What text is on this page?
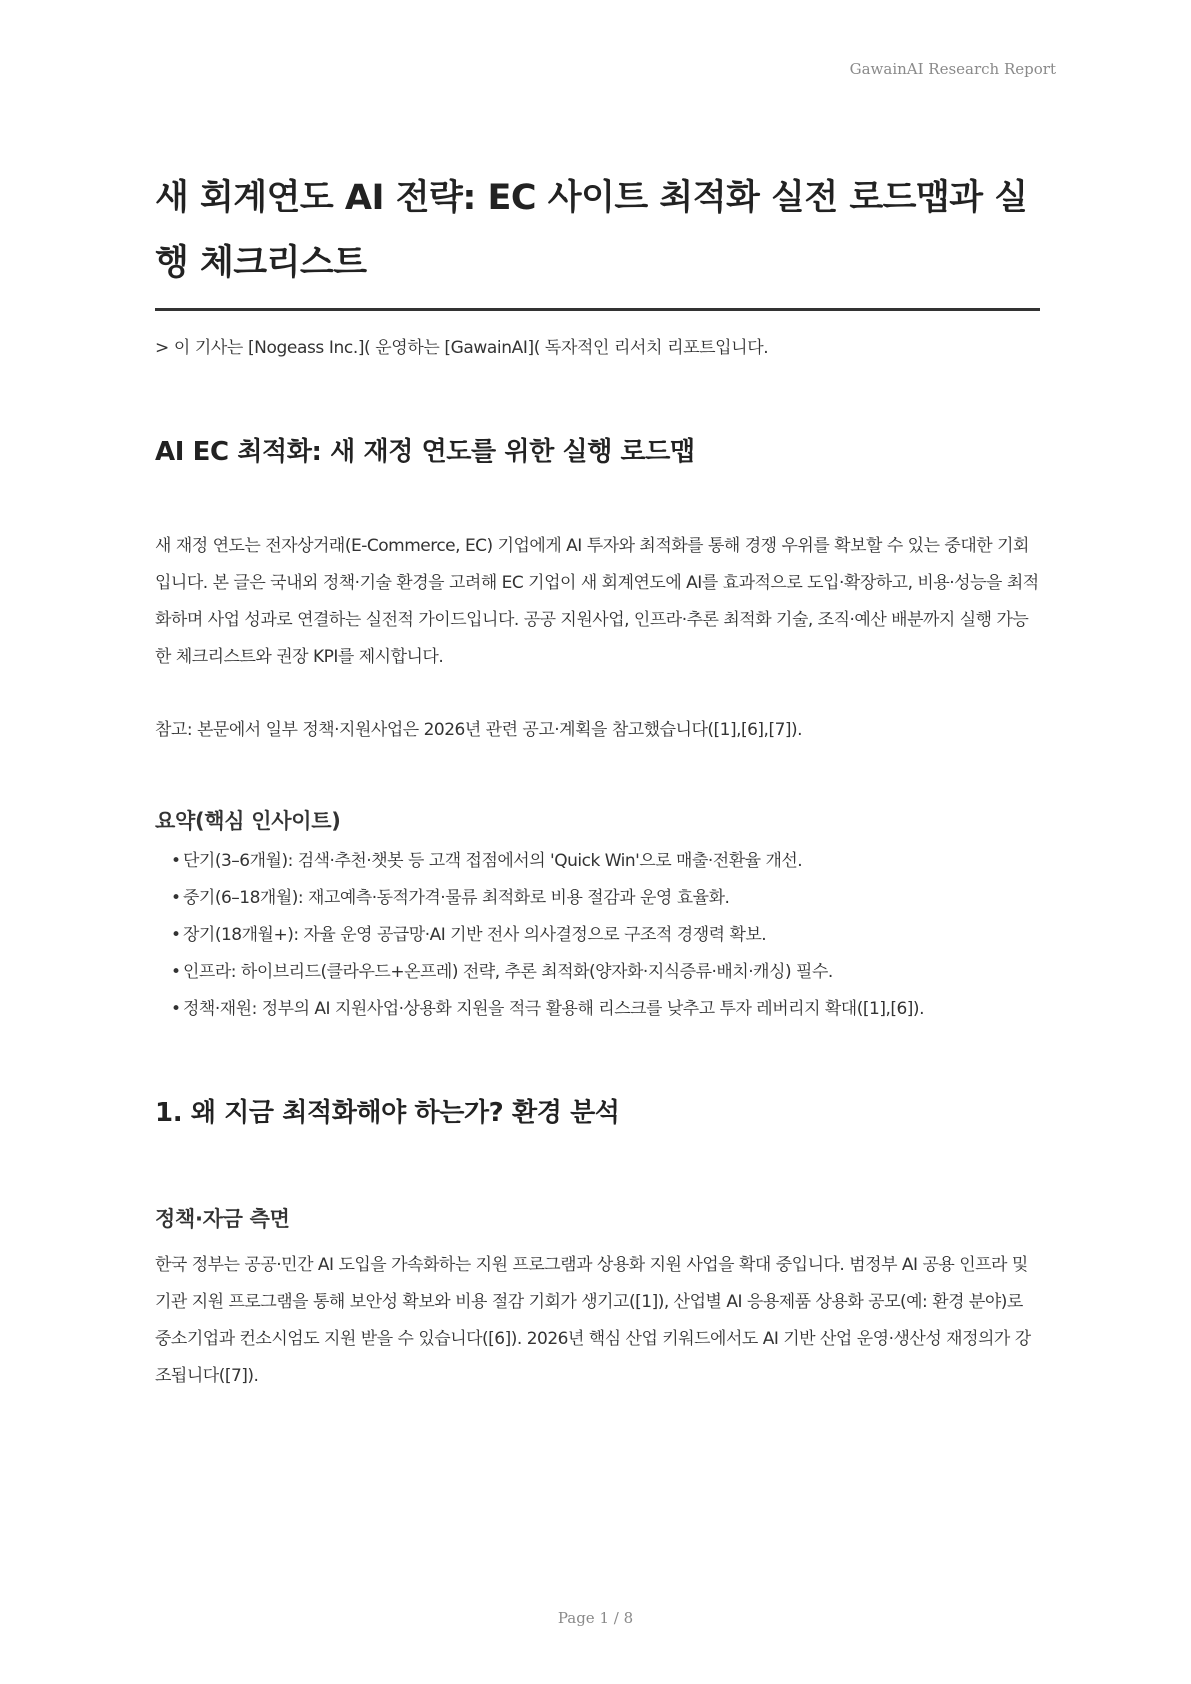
GawainAI Research Report
새 회계연도 AI 전략: EC 사이트 최적화 실전 로드맵과 실행 체크리스트

> 이 기사는 [Nogeass Inc.]( 운영하는 [GawainAI]( 독자적인 리서치 리포트입니다.

AI EC 최적화: 새 재정 연도를 위한 실행 로드맵

새 재정 연도는 전자상거래(E-Commerce, EC) 기업에게 AI 투자와 최적화를 통해 경쟁 우위를 확보할 수 있는 중대한 기회입니다. 본 글은 국내외 정책·기술 환경을 고려해 EC 기업이 새 회계연도에 AI를 효과적으로 도입·확장하고, 비용·성능을 최적화하며 사업 성과로 연결하는 실전적 가이드입니다. 공공 지원사업, 인프라·추론 최적화 기술, 조직·예산 배분까지 실행 가능한 체크리스트와 권장 KPI를 제시합니다.

참고: 본문에서 일부 정책·지원사업은 2026년 관련 공고·계획을 참고했습니다([1],[6],[7]).

요약(핵심 인사이트)
• 단기(3–6개월): 검색·추천·챗봇 등 고객 접점에서의 'Quick Win'으로 매출·전환율 개선.
• 중기(6–18개월): 재고예측·동적가격·물류 최적화로 비용 절감과 운영 효율화.
• 장기(18개월+): 자율 운영 공급망·AI 기반 전사 의사결정으로 구조적 경쟁력 확보.
• 인프라: 하이브리드(클라우드+온프레) 전략, 추론 최적화(양자화·지식증류·배치·캐싱) 필수.
• 정책·재원: 정부의 AI 지원사업·상용화 지원을 적극 활용해 리스크를 낮추고 투자 레버리지 확대([1],[6]).
1. 왜 지금 최적화해야 하는가? 환경 분석
정책·자금 측면

한국 정부는 공공·민간 AI 도입을 가속화하는 지원 프로그램과 상용화 지원 사업을 확대 중입니다. 범정부 AI 공용 인프라 및 기관 지원 프로그램을 통해 보안성 확보와 비용 절감 기회가 생기고([1]), 산업별 AI 응용제품 상용화 공모(예: 환경 분야)로 중소기업과 컨소시엄도 지원 받을 수 있습니다([6]). 2026년 핵심 산업 키워드에서도 AI 기반 산업 운영·생산성 재정의가 강조됩니다([7]).

Page 1 / 8
